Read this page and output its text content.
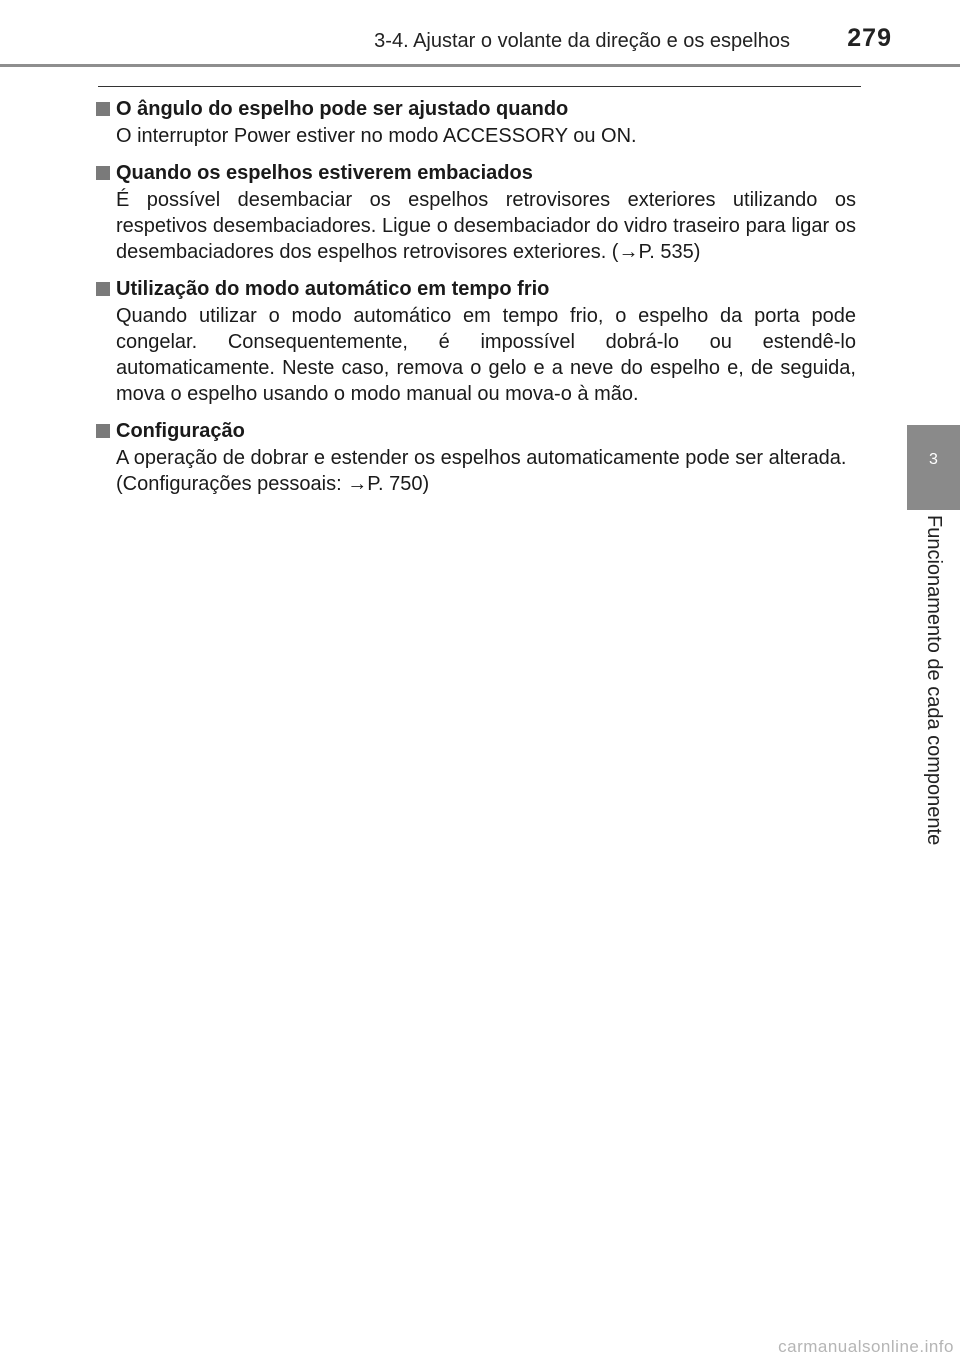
3-4. Ajustar o volante da direção e os espelhos 279
3
Funcionamento de cada componente
O ângulo do espelho pode ser ajustado quando

O interruptor Power estiver no modo ACCESSORY ou ON.

Quando os espelhos estiverem embaciados

É possível desembaciar os espelhos retrovisores exteriores utilizando os respetivos desembaciadores. Ligue o desembaciador do vidro traseiro para ligar os desembaciadores dos espelhos retrovisores exteriores. (→P. 535)

Utilização do modo automático em tempo frio

Quando utilizar o modo automático em tempo frio, o espelho da porta pode congelar. Consequentemente, é impossível dobrá-lo ou estendê-lo automaticamente. Neste caso, remova o gelo e a neve do espelho e, de seguida, mova o espelho usando o modo manual ou mova-o à mão.

Configuração

A operação de dobrar e estender os espelhos automaticamente pode ser alterada.

(Configurações pessoais: →P. 750)

carmanualsonline.info
